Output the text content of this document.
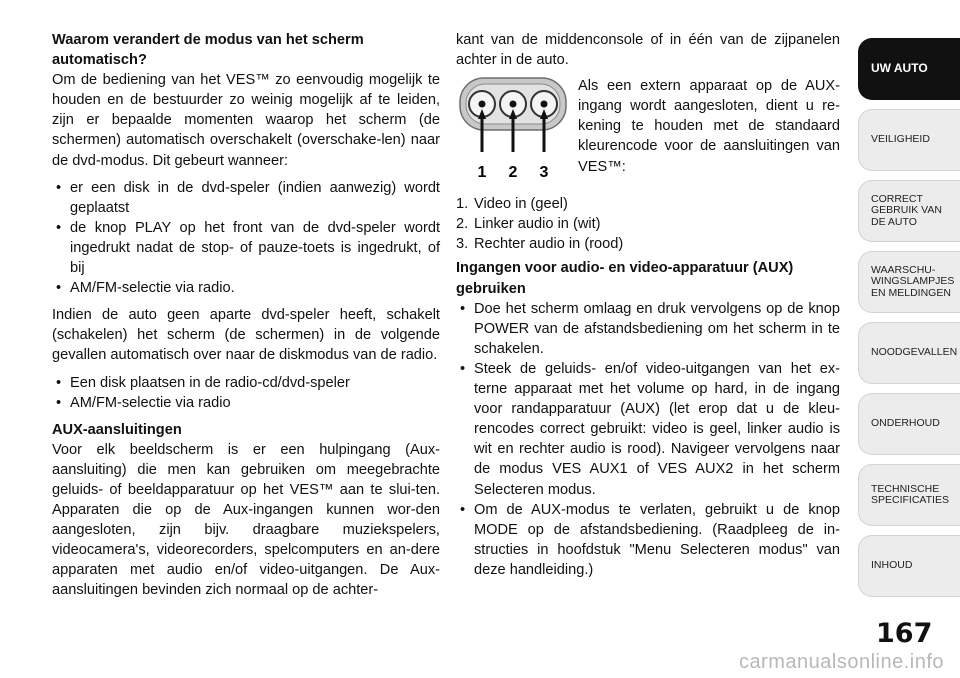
Waarom verandert de modus van het scherm automatisch?

Om de bediening van het VES™ zo eenvoudig mogelijk te houden en de bestuurder zo weinig mogelijk af te leiden, zijn er bepaalde momenten waarop het scherm (de schermen) automatisch overschakelt (overschake-len) naar de dvd-modus. Dit gebeurt wanneer:

• er een disk in de dvd-speler (indien aanwezig) wordt geplaatst
• de knop PLAY op het front van de dvd-speler wordt ingedrukt nadat de stop- of pauze-toets is ingedrukt, of bij
• AM/FM-selectie via radio.

Indien de auto geen aparte dvd-speler heeft, schakelt (schakelen) het scherm (de schermen) in de volgende gevallen automatisch over naar de diskmodus van de radio.

• Een disk plaatsen in de radio-cd/dvd-speler
• AM/FM-selectie via radio

AUX-aansluitingen

Voor elk beeldscherm is er een hulpingang (Aux-aansluiting) die men kan gebruiken om meegebrachte geluids- of beeldapparatuur op het VES™ aan te slui-ten. Apparaten die op de Aux-ingangen kunnen wor-den aangesloten, zijn bijv. draagbare muziekspelers, videocamera's, videorecorders, spelcomputers en an-dere apparaten met audio en/of video-uitgangen. De Aux-aansluitingen bevinden zich normaal op de achter-

kant van de middenconsole of in één van de zijpanelen achter in de auto.

1 2 3

Als een extern apparaat op de AUX-ingang wordt aangesloten, dient u re-kening te houden met de standaard kleurencode voor de aansluitingen van VES™:

1. Video in (geel)
2. Linker audio in (wit)
3. Rechter audio in (rood)

Ingangen voor audio- en video-apparatuur (AUX) gebruiken

• Doe het scherm omlaag en druk vervolgens op de knop POWER van de afstandsbediening om het scherm in te schakelen.
• Steek de geluids- en/of video-uitgangen van het ex-terne apparaat met het volume op hard, in de ingang voor randapparatuur (AUX) (let erop dat u de kleu-rencodes correct gebruikt: video is geel, linker audio is wit en rechter audio is rood). Navigeer vervolgens naar de modus VES AUX1 of VES AUX2 in het scherm Selecteren modus.
• Om de AUX-modus te verlaten, gebruikt u de knop MODE op de afstandsbediening. (Raadpleeg de in-structies in hoofdstuk "Menu Selecteren modus" van deze handleiding.)
UW AUTO
VEILIGHEID
CORRECT
GEBRUIK VAN
DE AUTO
WAARSCHU-
WINGSLAMPJES
EN MELDINGEN
NOODGEVALLEN
ONDERHOUD
TECHNISCHE
SPECIFICATIES
INHOUD
167
carmanualsonline.info
